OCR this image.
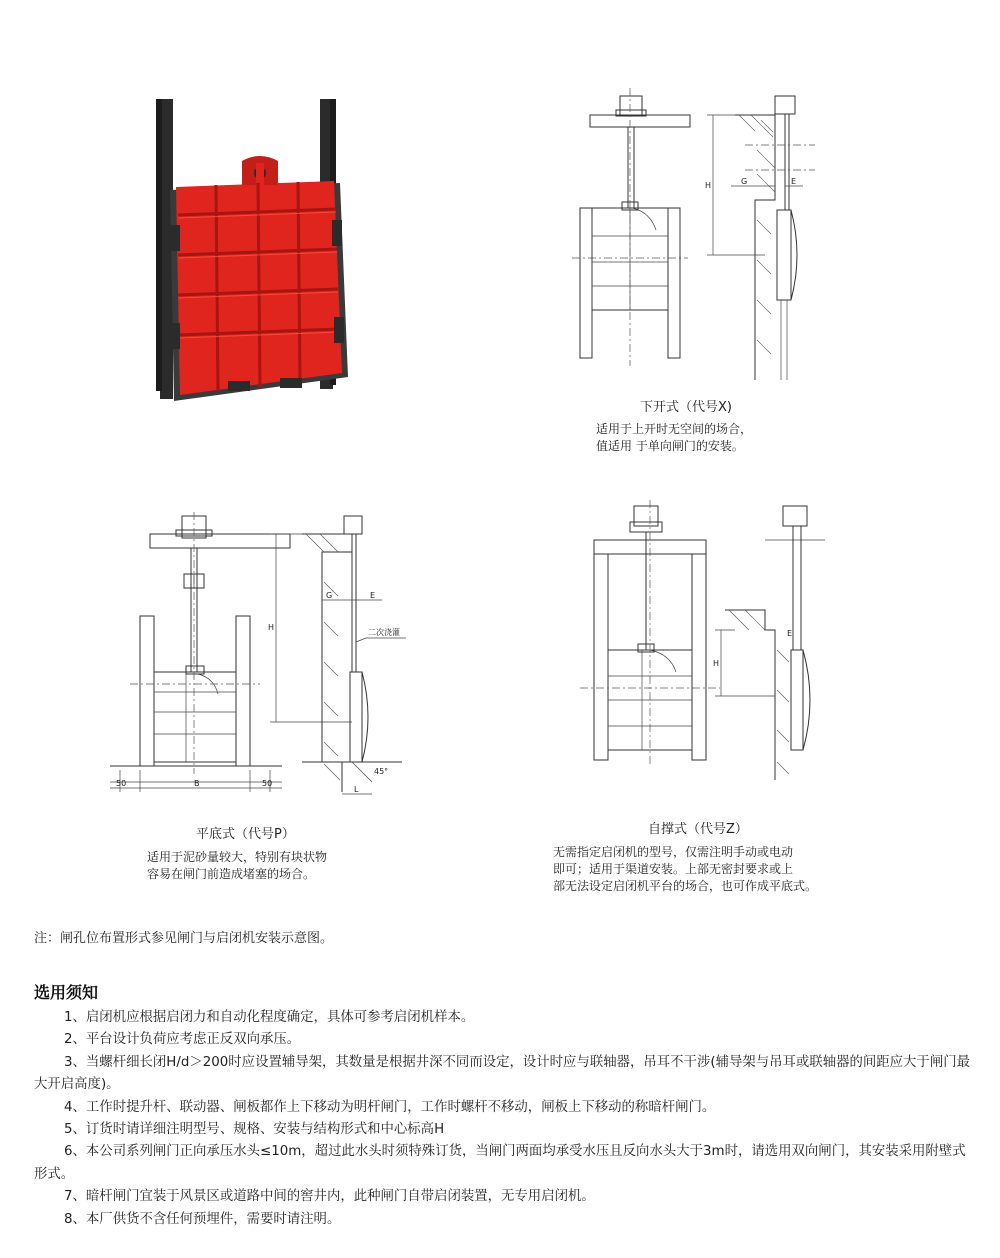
H	G	E
下开式（代号X)
适用于上开时无空间的场合，
值适用 于单向闸门的安装。
50	B	50
H
G	E
二次浇灌
45°
L
平底式（代号P）
适用于泥砂量较大，特别有块状物
容易在闸门前造成堵塞的场合。
H
E
自撑式（代号Z）
无需指定启闭机的型号，仅需注明手动或电动
即可；适用于渠道安装。上部无密封要求或上
部无法设定启闭机平台的场合，也可作成平底式。
注：闸孔位布置形式参见闸门与启闭机安装示意图。
选用须知
1、启闭机应根据启闭力和自动化程度确定，具体可参考启闭机样本。
2、平台设计负荷应考虑正反双向承压。
3、当螺杆细长闭H/d＞200时应设置辅导架，其数量是根据井深不同而设定，设计时应与联轴器，吊耳不干涉(辅导架与吊耳或联轴器的间距应大于闸门最大开启高度)。
4、工作时提升杆、联动器、闸板都作上下移动为明杆闸门，工作时螺杆不移动，闸板上下移动的称暗杆闸门。
5、订货时请详细注明型号、规格、安装与结构形式和中心标高H
6、本公司系列闸门正向承压水头≤10m，超过此水头时须特殊订货，当闸门两面均承受水压且反向水头大于3m时，请选用双向闸门，其安装采用附壁式形式。
7、暗杆闸门宜装于风景区或道路中间的窖井内，此种闸门自带启闭装置，无专用启闭机。
8、本厂供货不含任何预埋件，需要时请注明。
